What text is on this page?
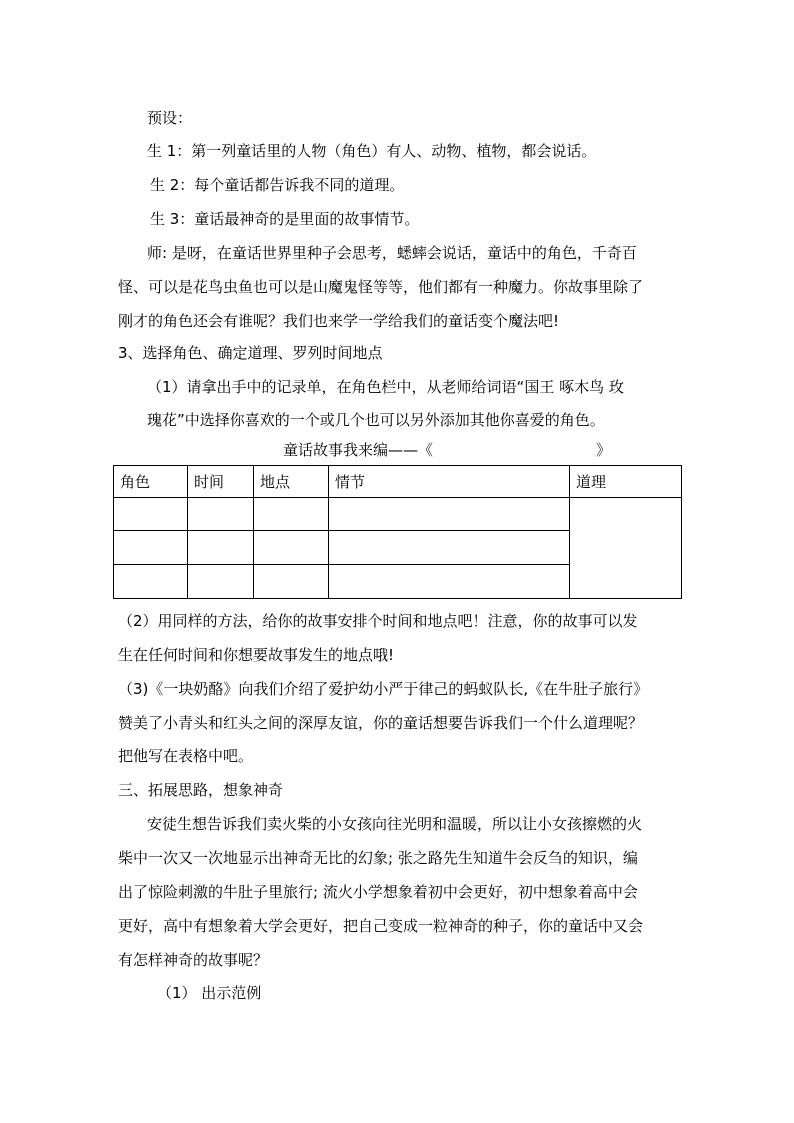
预设：
生 1：第一列童话里的人物（角色）有人、动物、植物，都会说话。
生 2：每个童话都告诉我不同的道理。
生 3：童话最神奇的是里面的故事情节。
师: 是呀，在童话世界里种子会思考，蟋蟀会说话，童话中的角色，千奇百
怪、可以是花鸟虫鱼也可以是山魔鬼怪等等，他们都有一种魔力。你故事里除了
刚才的角色还会有谁呢？我们也来学一学给我们的童话变个魔法吧!
3、选择角色、确定道理、罗列时间地点
（1）请拿出手中的记录单，在角色栏中，从老师给词语“国王 啄木鸟 玫
瑰花”中选择你喜欢的一个或几个也可以另外添加其他你喜爱的角色。
童话故事我来编——《	》
角色	时间	地点	情节	道理

（2）用同样的方法，给你的故事安排个时间和地点吧！注意，你的故事可以发
生在任何时间和你想要故事发生的地点哦!
（3)《一块奶酪》向我们介绍了爱护幼小严于律己的蚂蚁队长,《在牛肚子旅行》
赞美了小青头和红头之间的深厚友谊，你的童话想要告诉我们一个什么道理呢？
把他写在表格中吧。
三、拓展思路，想象神奇
安徒生想告诉我们卖火柴的小女孩向往光明和温暖，所以让小女孩擦燃的火
柴中一次又一次地显示出神奇无比的幻象; 张之路先生知道牛会反刍的知识，编
出了惊险刺激的牛肚子里旅行; 流火小学想象着初中会更好，初中想象着高中会
更好，高中有想象着大学会更好，把自己变成一粒神奇的种子，你的童话中又会
有怎样神奇的故事呢？
（1） 出示范例
